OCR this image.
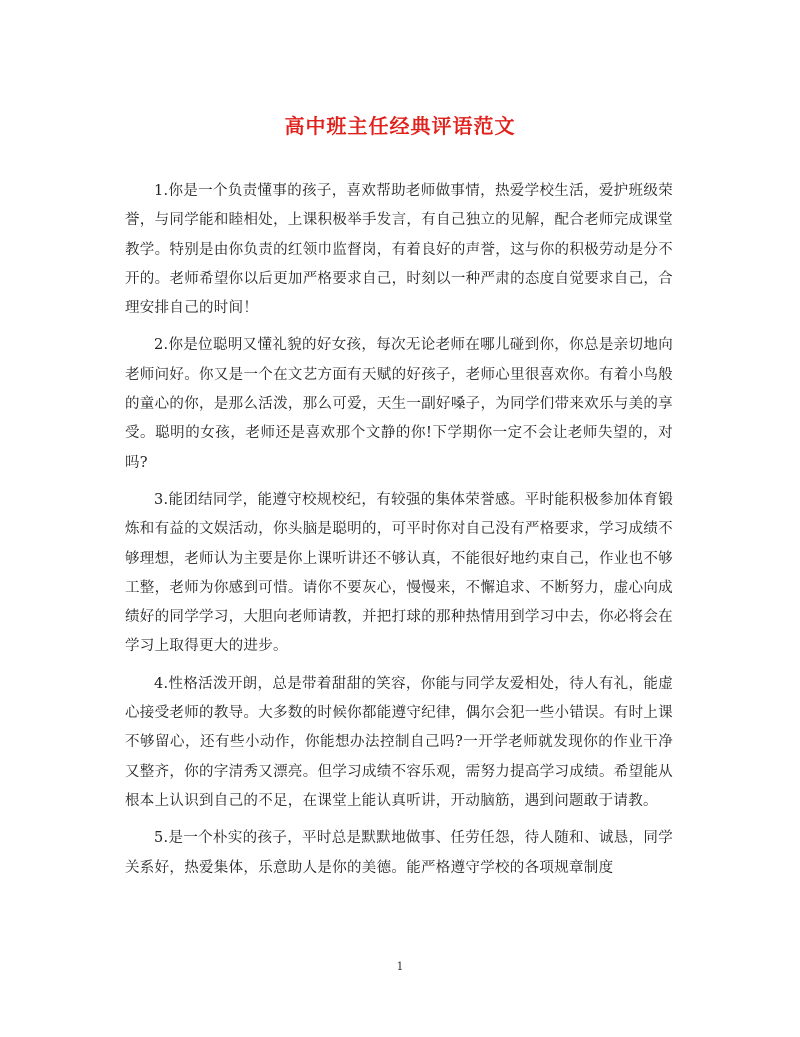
高中班主任经典评语范文

1.你是一个负责懂事的孩子，喜欢帮助老师做事情，热爱学校生活，爱护班级荣誉，与同学能和睦相处，上课积极举手发言，有自己独立的见解，配合老师完成课堂教学。特别是由你负责的红领巾监督岗，有着良好的声誉，这与你的积极劳动是分不开的。老师希望你以后更加严格要求自己，时刻以一种严肃的态度自觉要求自己，合理安排自己的时间！

2.你是位聪明又懂礼貌的好女孩，每次无论老师在哪儿碰到你，你总是亲切地向老师问好。你又是一个在文艺方面有天赋的好孩子，老师心里很喜欢你。有着小鸟般的童心的你，是那么活泼，那么可爱，天生一副好嗓子，为同学们带来欢乐与美的享受。聪明的女孩，老师还是喜欢那个文静的你!下学期你一定不会让老师失望的，对吗?

3.能团结同学，能遵守校规校纪，有较强的集体荣誉感。平时能积极参加体育锻炼和有益的文娱活动，你头脑是聪明的，可平时你对自己没有严格要求，学习成绩不够理想，老师认为主要是你上课听讲还不够认真，不能很好地约束自己，作业也不够工整，老师为你感到可惜。请你不要灰心，慢慢来，不懈追求、不断努力，虚心向成绩好的同学学习，大胆向老师请教，并把打球的那种热情用到学习中去，你必将会在学习上取得更大的进步。

4.性格活泼开朗，总是带着甜甜的笑容，你能与同学友爱相处，待人有礼，能虚心接受老师的教导。大多数的时候你都能遵守纪律，偶尔会犯一些小错误。有时上课不够留心，还有些小动作，你能想办法控制自己吗?一开学老师就发现你的作业干净又整齐，你的字清秀又漂亮。但学习成绩不容乐观，需努力提高学习成绩。希望能从根本上认识到自己的不足，在课堂上能认真听讲，开动脑筋，遇到问题敢于请教。

5.是一个朴实的孩子，平时总是默默地做事、任劳任怨，待人随和、诚恳，同学关系好，热爱集体，乐意助人是你的美德。能严格遵守学校的各项规章制度

1
